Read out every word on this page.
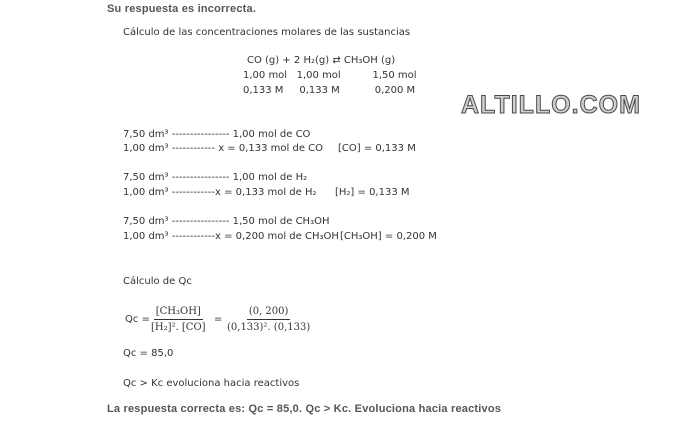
Su respuesta es incorrecta.
Cálculo de las concentraciones molares de las sustancias
CO (g) + 2 H₂(g) ⇄ CH₃OH (g)
1,00 mol   1,00 mol          1,50 mol
0,133 M     0,133 M           0,200 M
ALTILLO.COM
7,50 dm³ ---------------- 1,00 mol de CO
1,00 dm³ ------------ x = 0,133 mol de CO [CO] = 0,133 M
7,50 dm³ ---------------- 1,00 mol de H₂
1,00 dm³ ------------x = 0,133 mol de H₂ [H₂] = 0,133 M
7,50 dm³ ---------------- 1,50 mol de CH₃OH
1,00 dm³ ------------x = 0,200 mol de CH₃OH [CH₃OH] = 0,200 M
Cálculo de Qc
$Qc = \frac{\text{[CH₃OH]}}{\text{[H₂]². [CO]}} = \frac{(0, 200)}{\text{(0,133)². (0,133)}}$
Qc = 85,0
Qc > Kc evoluciona hacia reactivos
La respuesta correcta es: Qc = 85,0. Qc > Kc. Evoluciona hacia reactivos
